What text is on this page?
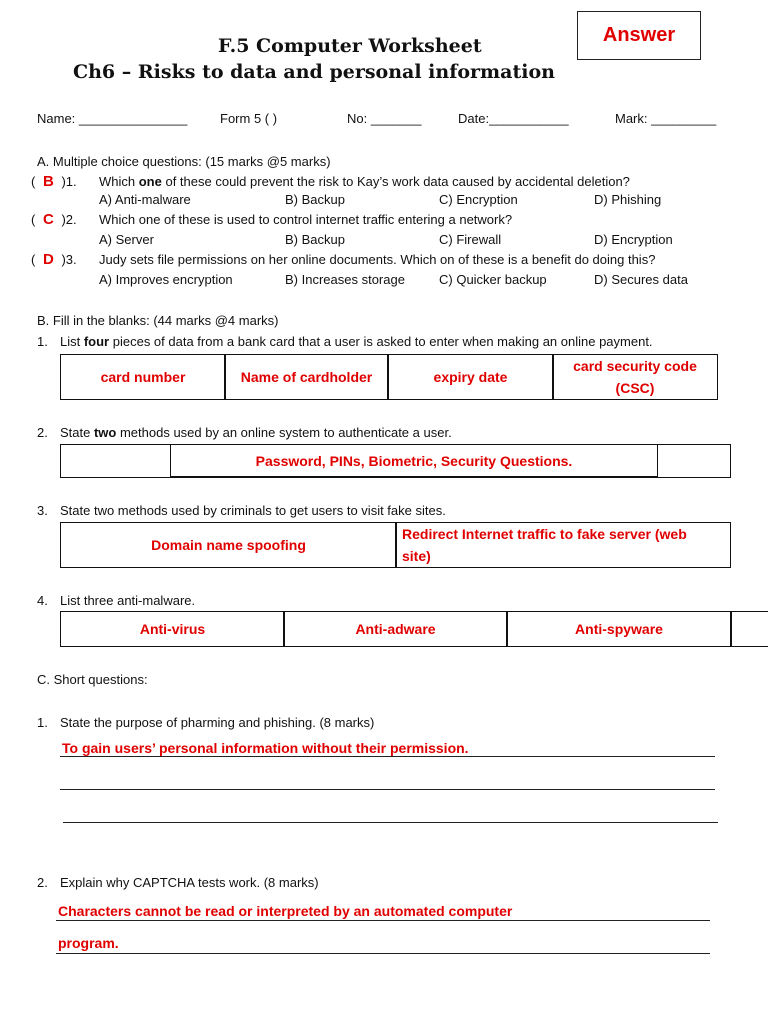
Answer
F.5 Computer Worksheet
Ch6 – Risks to data and personal information
Name: _______________	Form 5 ( )	No: _______	Date:___________	Mark: _________
A. Multiple choice questions: (15 marks @5 marks)
( B )1. Which one of these could prevent the risk to Kay’s work data caused by accidental deletion?
A) Anti-malware	B) Backup	C) Encryption	D) Phishing
( C )2. Which one of these is used to control internet traffic entering a network?
A) Server	B) Backup	C) Firewall	D) Encryption
( D )3. Judy sets file permissions on her online documents. Which on of these is a benefit do doing this?
A) Improves encryption	B) Increases storage	C) Quicker backup	D) Secures data
B. Fill in the blanks: (44 marks @4 marks)
1. List four pieces of data from a bank card that a user is asked to enter when making an online payment.
card number	Name of cardholder	expiry date
card security code (CSC)
2. State two methods used by an online system to authenticate a user.
Password, PINs, Biometric, Security Questions.
3. State two methods used by criminals to get users to visit fake sites.
Domain name spoofing
Redirect Internet traffic to fake server (web site)
4. List three anti-malware.
Anti-virus	Anti-adware	Anti-spyware
C. Short questions:
1. State the purpose of pharming and phishing. (8 marks)
To gain users’ personal information without their permission.
2. Explain why CAPTCHA tests work. (8 marks)
Characters cannot be read or interpreted by an automated computer
program.
